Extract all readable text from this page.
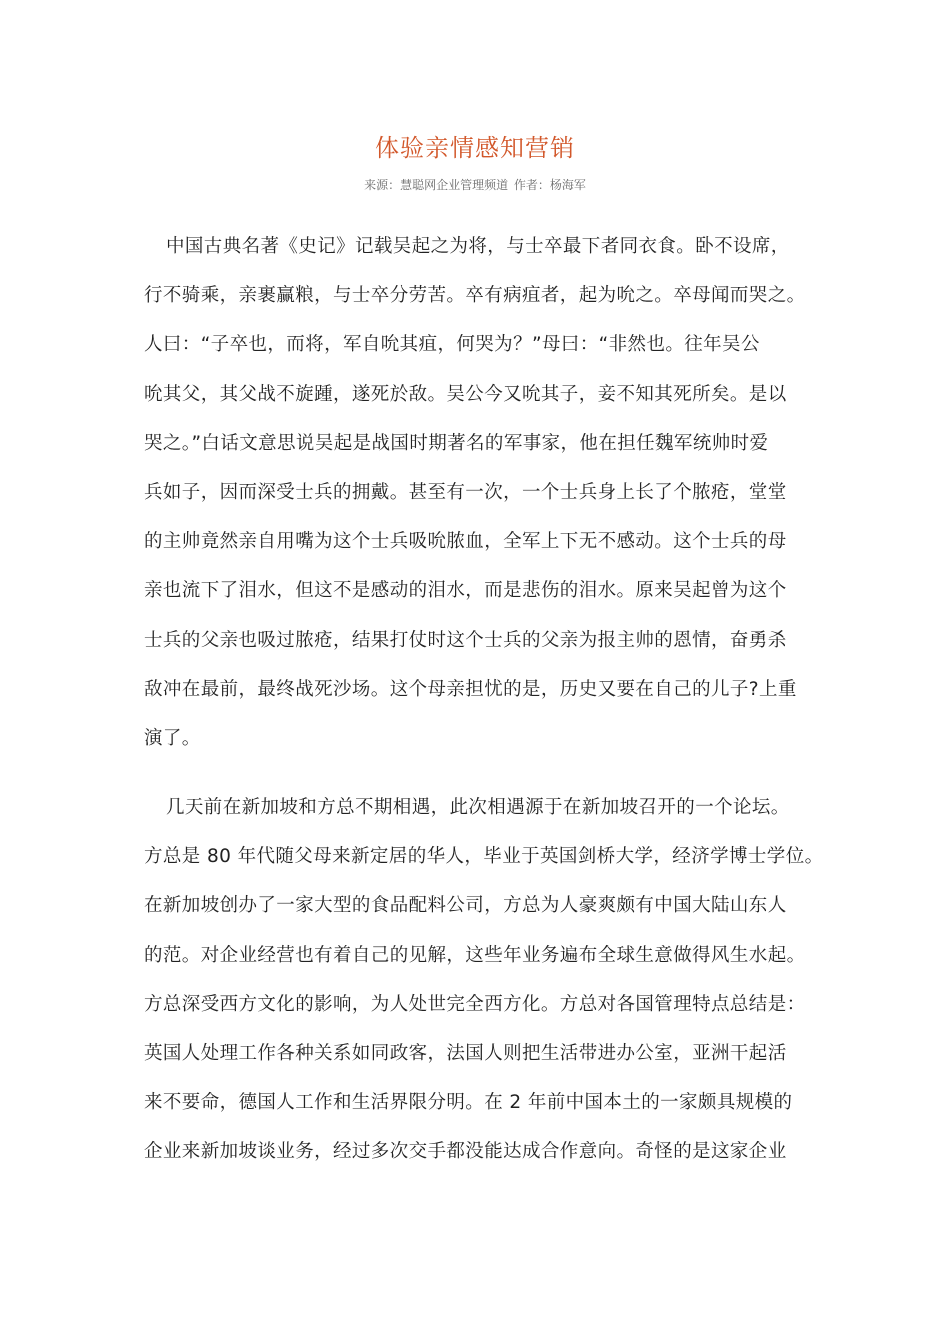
体验亲情感知营销
来源：慧聪网企业管理频道 作者：杨海军
中国古典名著《史记》记载吴起之为将，与士卒最下者同衣食。卧不设席，
行不骑乘，亲裹赢粮，与士卒分劳苦。卒有病疽者，起为吮之。卒母闻而哭之。
人曰：“子卒也，而将，军自吮其疽，何哭为？”母曰：“非然也。往年吴公
吮其父，其父战不旋踵，遂死於敌。吴公今又吮其子，妾不知其死所矣。是以
哭之。”白话文意思说吴起是战国时期著名的军事家，他在担任魏军统帅时爱
兵如子，因而深受士兵的拥戴。甚至有一次，一个士兵身上长了个脓疮，堂堂
的主帅竟然亲自用嘴为这个士兵吸吮脓血，全军上下无不感动。这个士兵的母
亲也流下了泪水，但这不是感动的泪水，而是悲伤的泪水。原来吴起曾为这个
士兵的父亲也吸过脓疮，结果打仗时这个士兵的父亲为报主帅的恩情，奋勇杀
敌冲在最前，最终战死沙场。这个母亲担忧的是，历史又要在自己的儿子?上重
演了。
几天前在新加坡和方总不期相遇，此次相遇源于在新加坡召开的一个论坛。
方总是 80 年代随父母来新定居的华人，毕业于英国剑桥大学，经济学博士学位。
在新加坡创办了一家大型的食品配料公司，方总为人豪爽颇有中国大陆山东人
的范。对企业经营也有着自己的见解，这些年业务遍布全球生意做得风生水起。
方总深受西方文化的影响，为人处世完全西方化。方总对各国管理特点总结是：
英国人处理工作各种关系如同政客，法国人则把生活带进办公室，亚洲干起活
来不要命，德国人工作和生活界限分明。在 2 年前中国本土的一家颇具规模的
企业来新加坡谈业务，经过多次交手都没能达成合作意向。奇怪的是这家企业
